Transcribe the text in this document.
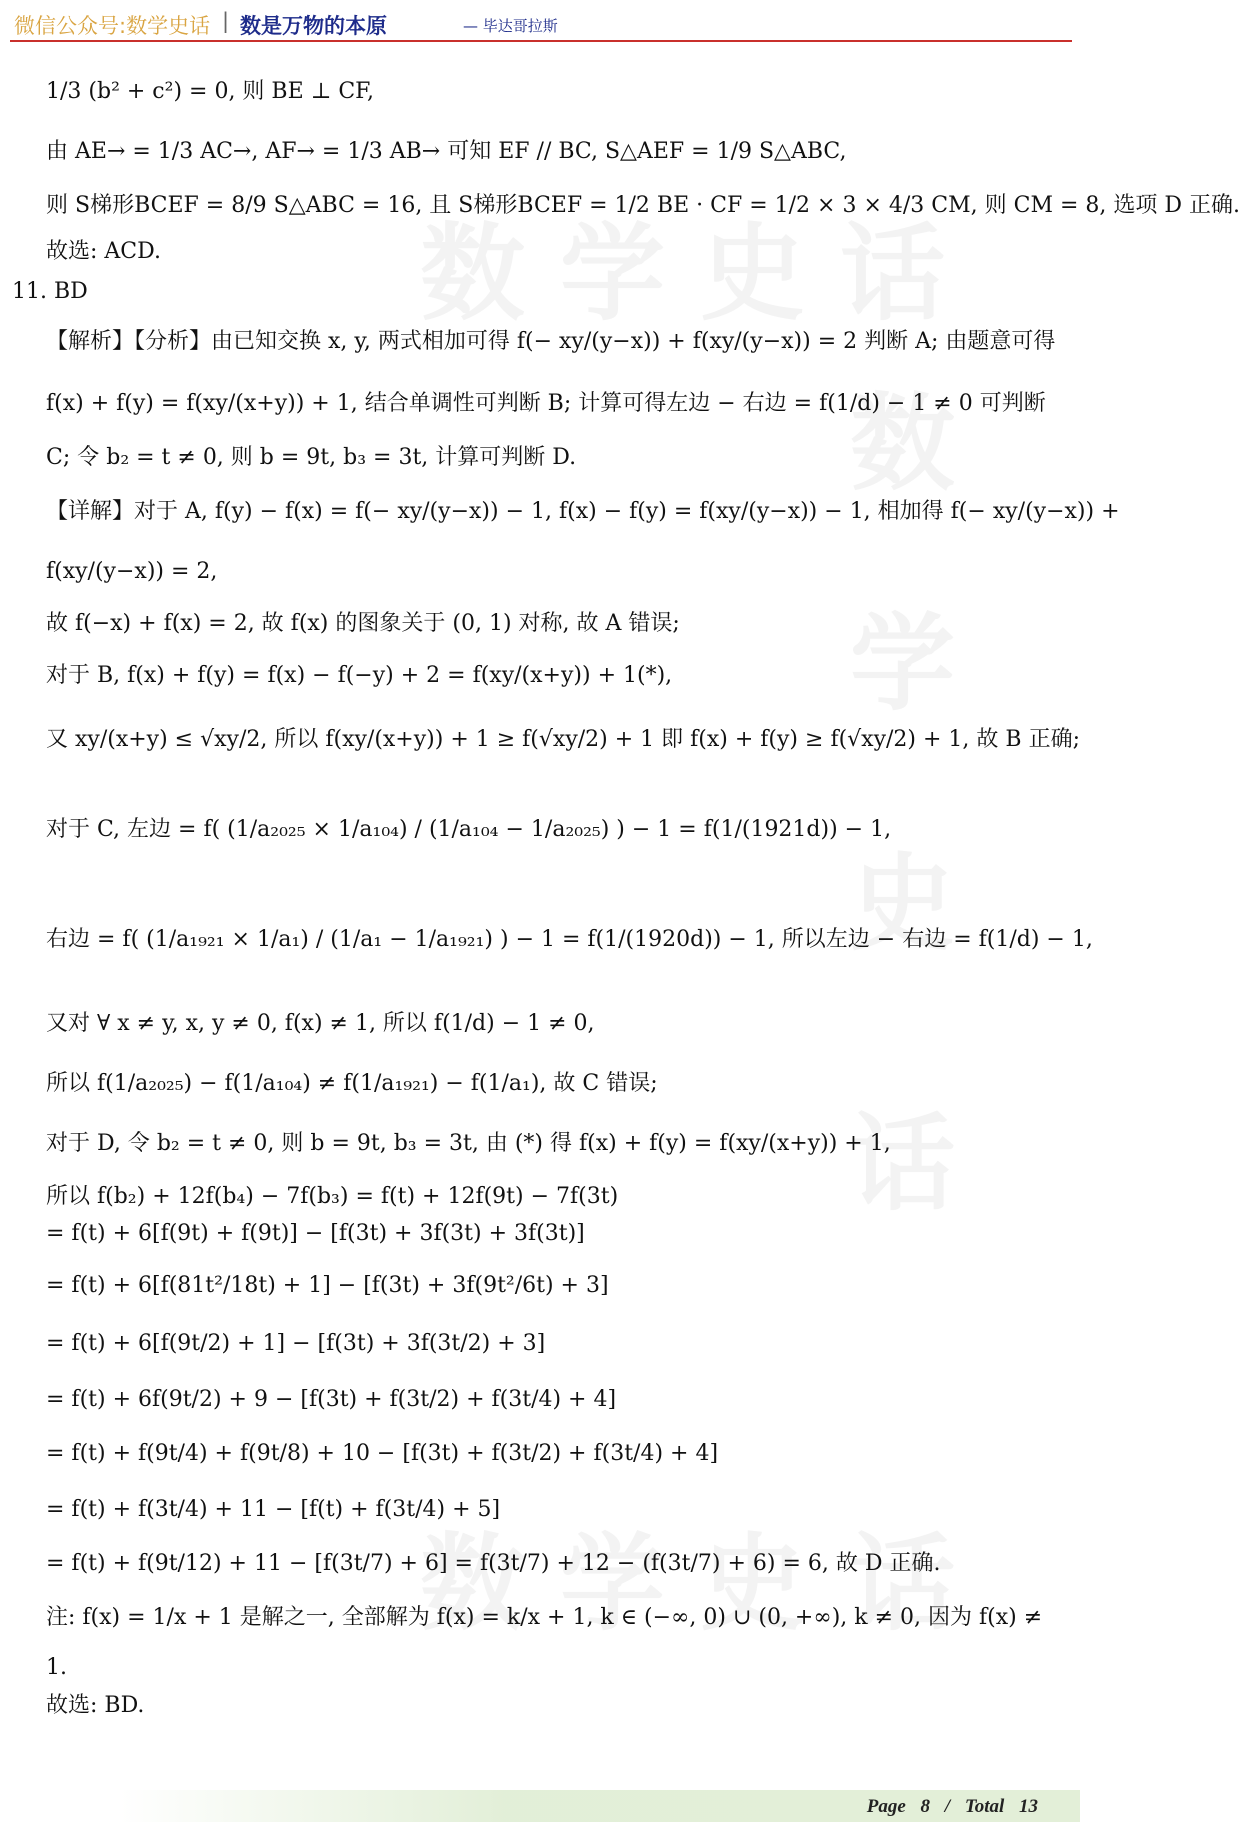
微信公众号:数学史话 | 数是万物的本原	— 毕达哥拉斯
1/3 (b² + c²) = 0, 则 BE ⊥ CF,
由 AE→ = 1/3 AC→, AF→ = 1/3 AB→ 可知 EF // BC, S△AEF = 1/9 S△ABC,
则 S梯形BCEF = 8/9 S△ABC = 16, 且 S梯形BCEF = 1/2 BE · CF = 1/2 × 3 × 4/3 CM, 则 CM = 8, 选项 D 正确.
故选: ACD.
11. BD
【解析】【分析】由已知交换 x, y, 两式相加可得 f(− xy/(y−x)) + f(xy/(y−x)) = 2 判断 A; 由题意可得
f(x) + f(y) = f(xy/(x+y)) + 1, 结合单调性可判断 B; 计算可得左边 − 右边 = f(1/d) − 1 ≠ 0 可判断
C; 令 b₂ = t ≠ 0, 则 b = 9t, b₃ = 3t, 计算可判断 D.
【详解】对于 A, f(y) − f(x) = f(− xy/(y−x)) − 1, f(x) − f(y) = f(xy/(y−x)) − 1, 相加得 f(− xy/(y−x)) +
f(xy/(y−x)) = 2,
故 f(−x) + f(x) = 2, 故 f(x) 的图象关于 (0, 1) 对称, 故 A 错误;
对于 B, f(x) + f(y) = f(x) − f(−y) + 2 = f(xy/(x+y)) + 1(*),
又 xy/(x+y) ≤ √xy/2, 所以 f(xy/(x+y)) + 1 ≥ f(√xy/2) + 1 即 f(x) + f(y) ≥ f(√xy/2) + 1, 故 B 正确;
对于 C, 左边 = f( (1/a₂₀₂₅ × 1/a₁₀₄) / (1/a₁₀₄ − 1/a₂₀₂₅) ) − 1 = f(1/(1921d)) − 1,
右边 = f( (1/a₁₉₂₁ × 1/a₁) / (1/a₁ − 1/a₁₉₂₁) ) − 1 = f(1/(1920d)) − 1, 所以左边 − 右边 = f(1/d) − 1,
又对 ∀ x ≠ y, x, y ≠ 0, f(x) ≠ 1, 所以 f(1/d) − 1 ≠ 0,
所以 f(1/a₂₀₂₅) − f(1/a₁₀₄) ≠ f(1/a₁₉₂₁) − f(1/a₁), 故 C 错误;
对于 D, 令 b₂ = t ≠ 0, 则 b = 9t, b₃ = 3t, 由 (*) 得 f(x) + f(y) = f(xy/(x+y)) + 1,
所以 f(b₂) + 12f(b₄) − 7f(b₃) = f(t) + 12f(9t) − 7f(3t)
= f(t) + 6[f(9t) + f(9t)] − [f(3t) + 3f(3t) + 3f(3t)]
= f(t) + 6[f(81t²/18t) + 1] − [f(3t) + 3f(9t²/6t) + 3]
= f(t) + 6[f(9t/2) + 1] − [f(3t) + 3f(3t/2) + 3]
= f(t) + 6f(9t/2) + 9 − [f(3t) + f(3t/2) + f(3t/4) + 4]
= f(t) + f(9t/4) + f(9t/8) + 10 − [f(3t) + f(3t/2) + f(3t/4) + 4]
= f(t) + f(3t/4) + 11 − [f(t) + f(3t/4) + 5]
= f(t) + f(9t/12) + 11 − [f(3t/7) + 6] = f(3t/7) + 12 − (f(3t/7) + 6) = 6, 故 D 正确.
注: f(x) = 1/x + 1 是解之一, 全部解为 f(x) = k/x + 1, k ∈ (−∞, 0) ∪ (0, +∞), k ≠ 0, 因为 f(x) ≠
1.
故选: BD.
Page 8 / Total 13
